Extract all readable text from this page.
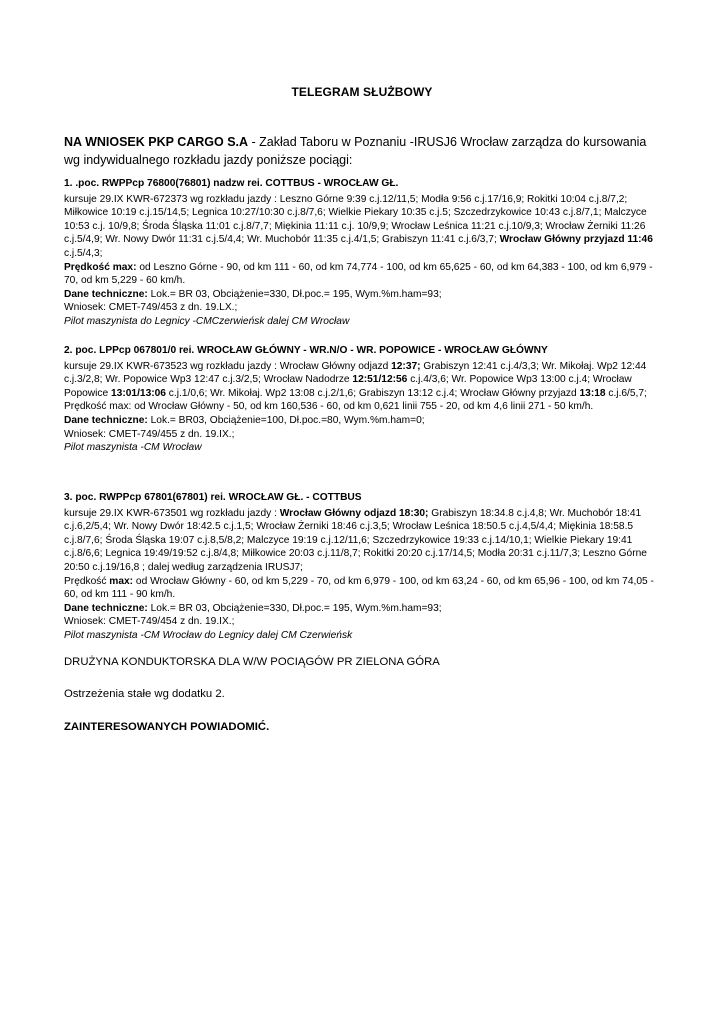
TELEGRAM SŁUŻBOWY
NA WNIOSEK PKP CARGO S.A - Zakład Taboru w Poznaniu -IRUSJ6 Wrocław zarządza do kursowania wg indywidualnego rozkładu jazdy poniższe pociągi:
1. .poc. RWPPcp 76800(76801) nadzw rei. COTTBUS - WROCŁAW GŁ.
kursuje 29.IX KWR-672373 wg rozkładu jazdy : Leszno Górne 9:39 c.j.12/11,5; Modła 9:56 c.j.17/16,9; Rokitki 10:04 c.j.8/7,2; Miłkowice 10:19 c.j.15/14,5; Legnica 10:27/10:30 c.j.8/7,6; Wielkie Piekary 10:35 c.j.5; Szczedrzykowice 10:43 c.j.8/7,1; Malczyce 10:53 c.j. 10/9,8; Środa Śląska 11:01 c.j.8/7,7; Miękinia 11:11 c.j. 10/9,9; Wrocław Leśnica 11:21 c.j.10/9,3; Wrocław Żerniki 11:26 c.j.5/4,9; Wr. Nowy Dwór 11:31 c.j.5/4,4; Wr. Muchobór 11:35 c.j.4/1,5; Grabiszyn 11:41 c.j.6/3,7; Wrocław Główny przyjazd 11:46 c.j.5/4,3;
Prędkość max: od Leszno Górne - 90, od km 111 - 60, od km 74,774 - 100, od km 65,625 - 60, od km 64,383 - 100, od km 6,979 - 70, od km 5,229 - 60 km/h.
Dane techniczne: Lok.= BR 03, Obciążenie=330, Dł.poc.= 195, Wym.%m.ham=93;
Wniosek: CMET-749/453 z dn. 19.LX.;
Pilot maszynista do Legnicy -CMCzerwieńsk dalej CM Wrocław
2. poc. LPPcp 067801/0 rei. WROCŁAW GŁÓWNY - WR.N/O - WR. POPOWICE - WROCŁAW GŁÓWNY
kursuje 29.IX KWR-673523 wg rozkładu jazdy : Wrocław Główny odjazd 12:37; Grabiszyn 12:41 c.j.4/3,3; Wr. Mikołaj. Wp2 12:44 c.j.3/2,8; Wr. Popowice Wp3 12:47 c.j.3/2,5; Wrocław Nadodrze 12:51/12:56 c.j.4/3,6; Wr. Popowice Wp3 13:00 c.j.4; Wrocław Popowice 13:01/13:06 c.j.1/0,6; Wr. Mikołaj. Wp2 13:08 c.j.2/1,6; Grabiszyn 13:12 c.j.4; Wrocław Główny przyjazd 13:18 c.j.6/5,7;
Prędkość max: od Wrocław Główny - 50, od km 160,536 - 60, od km 0,621 linii 755 - 20, od km 4,6 linii 271 - 50 km/h.
Dane techniczne: Lok.= BR03, Obciążenie=100, Dł.poc.=80, Wym.%m.ham=0;
Wniosek: CMET-749/455 z dn. 19.IX.;
Pilot maszynista -CM Wrocław
3. poc. RWPPcp 67801(67801) rei. WROCŁAW GŁ. - COTTBUS
kursuje 29.IX KWR-673501 wg rozkładu jazdy : Wrocław Główny odjazd 18:30; Grabiszyn 18:34.8 c.j.4,8; Wr. Muchobór 18:41 c.j.6,2/5,4; Wr. Nowy Dwór 18:42.5 c.j.1,5; Wrocław Żerniki 18:46 c.j.3,5; Wrocław Leśnica 18:50.5 c.j.4,5/4,4; Miękinia 18:58.5 c.j.8/7,6; Środa Śląska 19:07 c.j.8,5/8,2; Malczyce 19:19 c.j.12/11,6; Szczedrzykowice 19:33 c.j.14/10,1; Wielkie Piekary 19:41 c.j.8/6,6; Legnica 19:49/19:52 c.j.8/4,8; Miłkowice 20:03 c.j.11/8,7; Rokitki 20:20 c.j.17/14,5; Modła 20:31 c.j.11/7,3; Leszno Górne 20:50 c.j.19/16,8 ; dalej według zarządzenia IRUSJ7;
Prędkość max: od Wrocław Główny - 60, od km 5,229 - 70, od km 6,979 - 100, od km 63,24 - 60, od km 65,96 - 100, od km 74,05 - 60, od km 111 - 90 km/h.
Dane techniczne: Lok.= BR 03, Obciążenie=330, Dł.poc.= 195, Wym.%m.ham=93;
Wniosek: CMET-749/454 z dn. 19.IX.;
Pilot maszynista -CM Wrocław do Legnicy dalej CM Czerwieńsk
DRUŻYNA KONDUKTORSKA DLA W/W POCIĄGÓW PR ZIELONA GÓRA
Ostrzeżenia stałe wg dodatku 2.
ZAINTERESOWANYCH POWIADOMIĆ.
